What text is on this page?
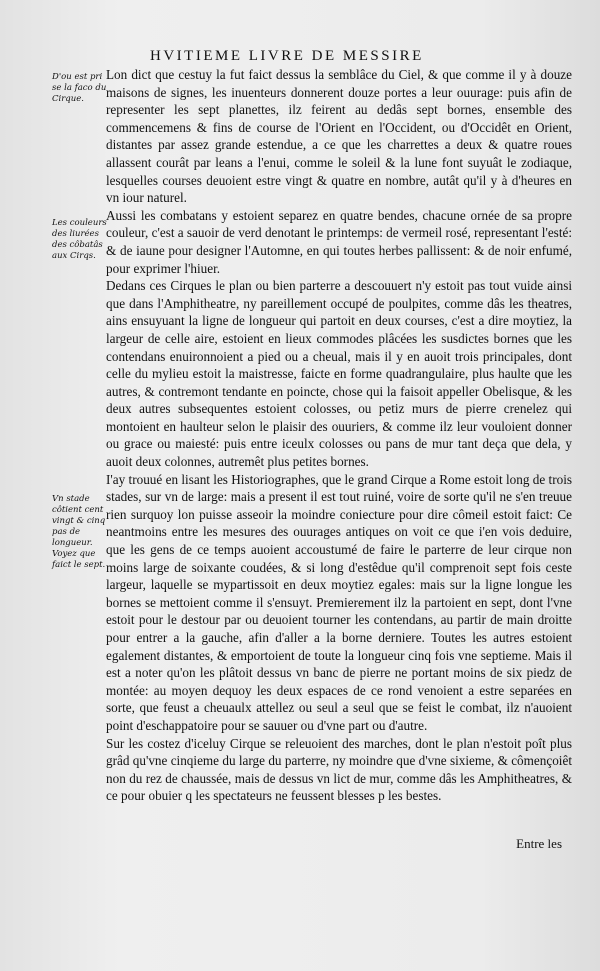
HVITIEME LIVRE DE MESSIRE
D'ou est pri se la faco du Cirque.
Les couleurs des liurées des côbatâs aux Cirqs.
Vn stade côtient cent vingt & cinq pas de longueur. Voyez que faict le sept.

Lon dict que cestuy la fut faict dessus la semblâce du Ciel, & que comme il y à douze maisons de signes, les inuenteurs donnerent douze portes a leur ouurage: puis afin de representer les sept planettes, ilz feirent au dedâs sept bornes, ensemble des commencemens & fins de course de l'Orient en l'Occident, ou d'Occidêt en Orient, distantes par assez grande estendue, a ce que les charrettes a deux & quatre roues allassent courât par leans a l'enui, comme le soleil & la lune font suyuât le zodiaque, lesquelles courses deuoient estre vingt & quatre en nombre, autât qu'il y à d'heures en vn iour naturel.

Aussi les combatans y estoient separez en quatre bendes, chacune ornée de sa propre couleur, c'est a sauoir de verd denotant le printemps: de vermeil rosé, representant l'esté: & de iaune pour designer l'Automne, en qui toutes herbes pallissent: & de noir enfumé, pour exprimer l'hiuer.

Dedans ces Cirques le plan ou bien parterre a descouuert n'y estoit pas tout vuide ainsi que dans l'Amphitheatre, ny pareillement occupé de poulpites, comme dâs les theatres, ains ensuyuant la ligne de longueur qui partoit en deux courses, c'est a dire moytiez, la largeur de celle aire, estoient en lieux commodes plâcées les susdictes bornes que les contendans enuironnoient a pied ou a cheual, mais il y en auoit trois principales, dont celle du mylieu estoit la maistresse, faicte en forme quadrangulaire, plus haulte que les autres, & contremont tendante en poincte, chose qui la faisoit appeller Obelisque, & les deux autres subsequentes estoient colosses, ou petiz murs de pierre crenelez qui montoient en haulteur selon le plaisir des ouuriers, & comme ilz leur vouloient donner ou grace ou maiesté: puis entre iceulx colosses ou pans de mur tant deça que dela, y auoit deux colonnes, autremêt plus petites bornes.

I'ay trouué en lisant les Historiographes, que le grand Cirque a Rome estoit long de trois stades, sur vn de large: mais a present il est tout ruiné, voire de sorte qu'il ne s'en treuue rien surquoy lon puisse asseoir la moindre coniecture pour dire cômeil estoit faict: Ce neantmoins entre les mesures des ouurages antiques on voit ce que i'en vois deduire, que les gens de ce temps auoient accoustumé de faire le parterre de leur cirque non moins large de soixante coudées, & si long d'estêdue qu'il comprenoit sept fois ceste largeur, laquelle se mypartissoit en deux moytiez egales: mais sur la ligne longue les bornes se mettoient comme il s'ensuyt. Premierement ilz la partoient en sept, dont l'vne estoit pour le destour par ou deuoient tourner les contendans, au partir de main droitte pour entrer a la gauche, afin d'aller a la borne derniere. Toutes les autres estoient egalement distantes, & emportoient de toute la longueur cinq fois vne septieme. Mais il est a noter qu'on les plâtoit dessus vn banc de pierre ne portant moins de six piedz de montée: au moyen dequoy les deux espaces de ce rond venoient a estre separées en sorte, que feust a cheuaulx attellez ou seul a seul que se feist le combat, ilz n'auoient point d'eschappatoire pour se sauuer ou d'vne part ou d'autre.

Sur les costez d'iceluy Cirque se releuoient des marches, dont le plan n'estoit poît plus grâd qu'vne cinqieme du large du parterre, ny moindre que d'vne sixieme, & cômençoiêt non du rez de chaussée, mais de dessus vn lict de mur, comme dâs les Amphitheatres, & ce pour obuier q les spectateurs ne feussent blesses p les bestes.

Entre les
